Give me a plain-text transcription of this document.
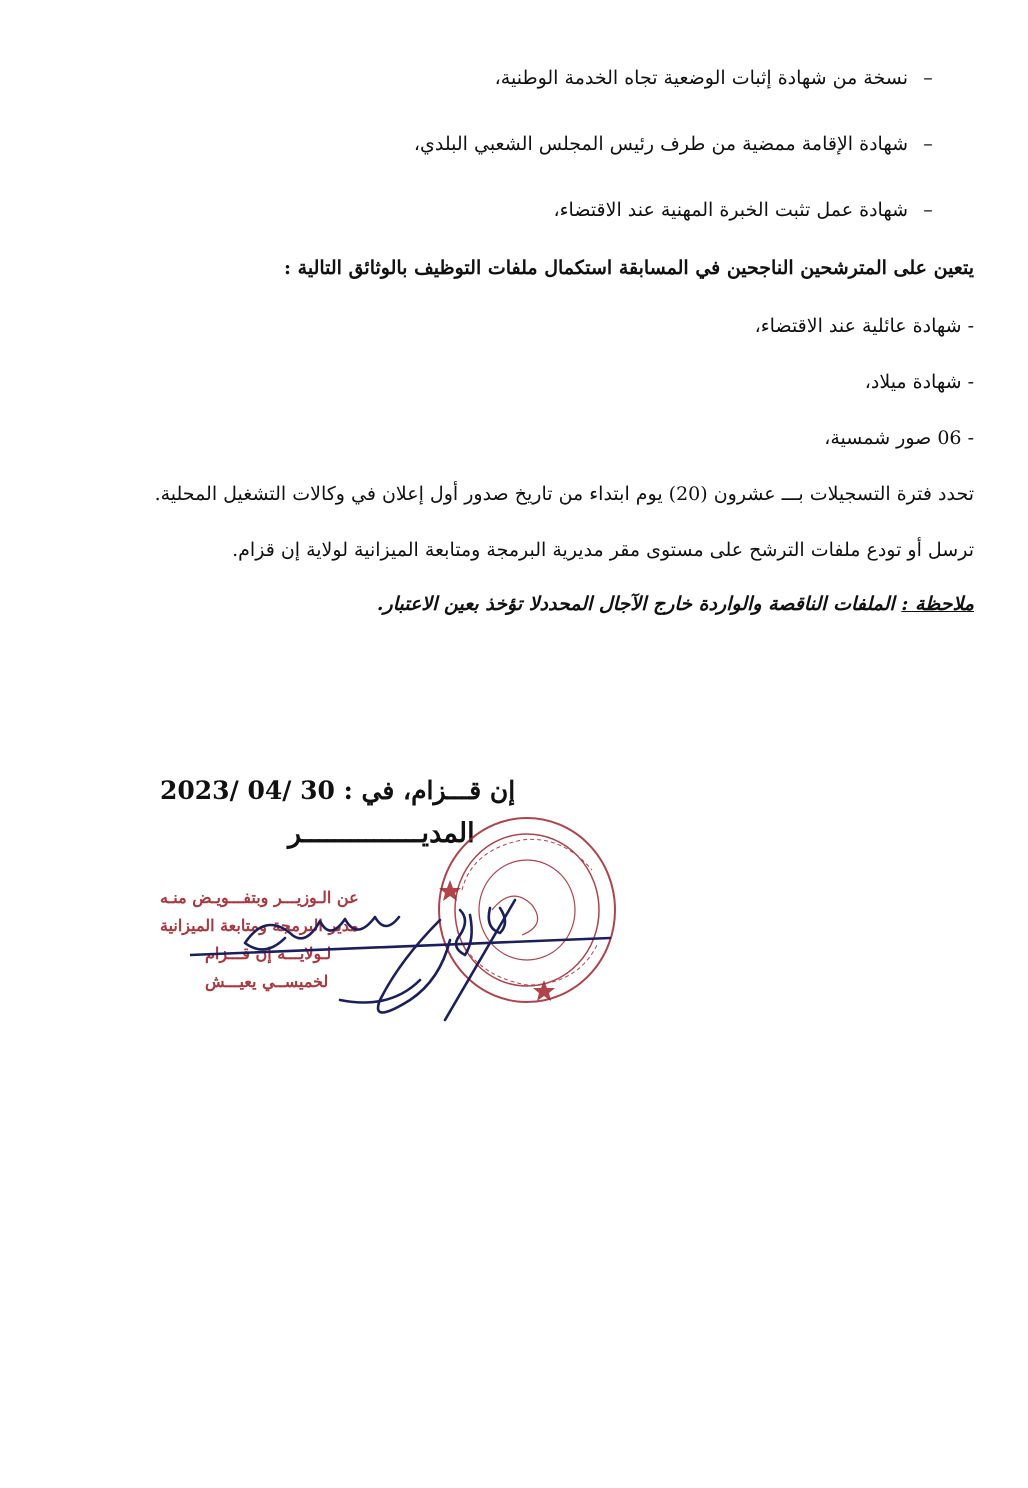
–نسخة من شهادة إثبات الوضعية تجاه الخدمة الوطنية،
–شهادة الإقامة ممضية من طرف رئيس المجلس الشعبي البلدي،
–شهادة عمل تثبت الخبرة المهنية عند الاقتضاء،
يتعين على المترشحين الناجحين في المسابقة استكمال ملفات التوظيف بالوثائق التالية :
- شهادة عائلية عند الاقتضاء،
- شهادة ميلاد،
- 06 صور شمسية،
تحدد فترة التسجيلات بـــ عشرون (20) يوم ابتداء من تاريخ صدور أول إعلان في وكالات التشغيل المحلية.
ترسل أو تودع ملفات الترشح على مستوى مقر مديرية البرمجة ومتابعة الميزانية لولاية إن قزام.
ملاحظة : الملفات الناقصة والواردة خارج الآجال المحددلا تؤخذ بعين الاعتبار.
إن قـــزام، في : 30 /04 /2023
المديـــــــــــــــر
عن الـوزيـــر وبتفـــويـض منـه
مدير البرمجة ومتابعة الميزانية
لـولايـــة إن قـــزام
لخميســي يعيـــش
